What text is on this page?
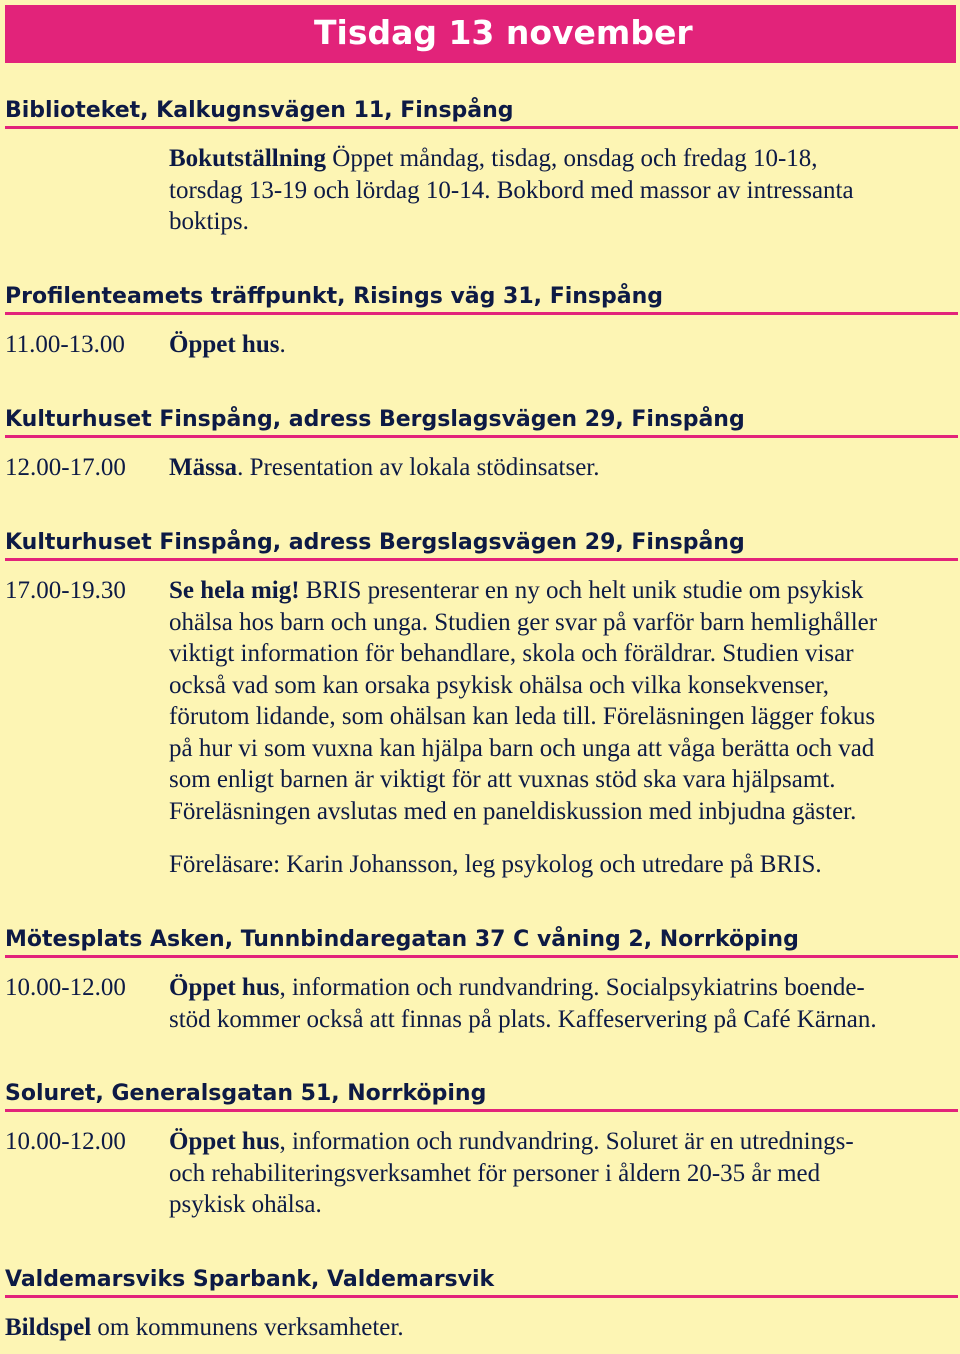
Tisdag 13 november
Biblioteket, Kalkugnsvägen 11, Finspång
Bokutställning Öppet måndag, tisdag, onsdag och fredag 10-18,
torsdag 13-19 och lördag 10-14. Bokbord med massor av intressanta
boktips.
Profilenteamets träffpunkt, Risings väg 31, Finspång
11.00-13.00	Öppet hus.
Kulturhuset Finspång, adress Bergslagsvägen 29, Finspång
12.00-17.00	Mässa. Presentation av lokala stödinsatser.
Kulturhuset Finspång, adress Bergslagsvägen 29, Finspång
17.00-19.30	Se hela mig! BRIS presenterar en ny och helt unik studie om psykisk
ohälsa hos barn och unga. Studien ger svar på varför barn hemlighåller
viktigt information för behandlare, skola och föräldrar. Studien visar
också vad som kan orsaka psykisk ohälsa och vilka konsekvenser,
förutom lidande, som ohälsan kan leda till. Föreläsningen lägger fokus
på hur vi som vuxna kan hjälpa barn och unga att våga berätta och vad
som enligt barnen är viktigt för att vuxnas stöd ska vara hjälpsamt.
Föreläsningen avslutas med en paneldiskussion med inbjudna gäster.
Föreläsare: Karin Johansson, leg psykolog och utredare på BRIS.
Mötesplats Asken, Tunnbindaregatan 37 C våning 2, Norrköping
10.00-12.00	Öppet hus, information och rundvandring. Socialpsykiatrins boende-
stöd kommer också att finnas på plats. Kaffeservering på Café Kärnan.
Soluret, Generalsgatan 51, Norrköping
10.00-12.00	Öppet hus, information och rundvandring. Soluret är en utrednings-
och rehabiliteringsverksamhet för personer i åldern 20-35 år med
psykisk ohälsa.
Valdemarsviks Sparbank, Valdemarsvik
Bildspel om kommunens verksamheter.
